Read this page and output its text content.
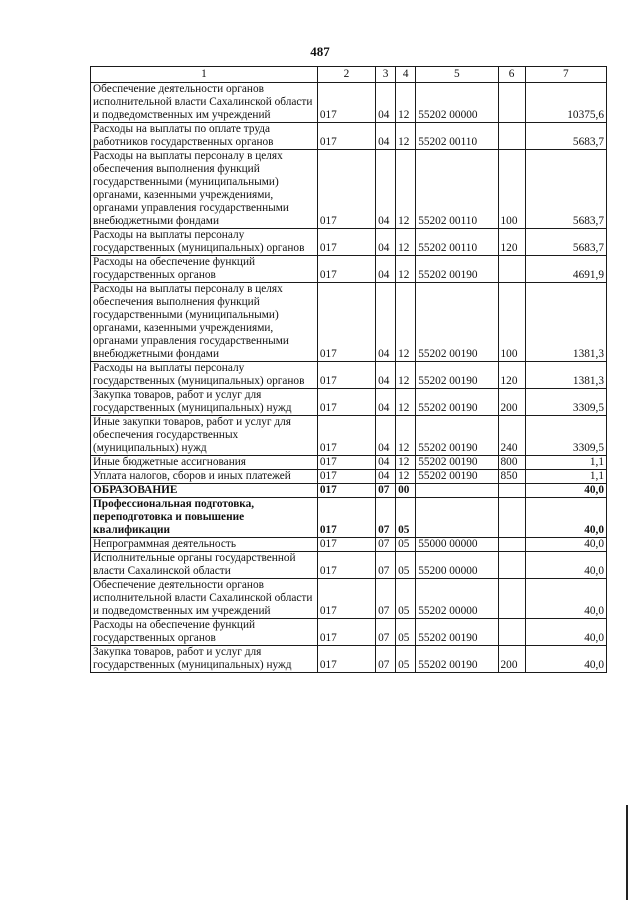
487
1	2	3	4	5	6	7
Обеспечение деятельности органов исполнительной власти Сахалинской области и подведомственных им учреждений	017	04	12	55202 00000		10375,6
Расходы на выплаты по оплате труда работников государственных органов	017	04	12	55202 00110		5683,7
Расходы на выплаты персоналу в целях обеспечения выполнения функций государственными (муниципальными) органами, казенными учреждениями, органами управления государственными внебюджетными фондами	017	04	12	55202 00110	100	5683,7
Расходы на выплаты персоналу государственных (муниципальных) органов	017	04	12	55202 00110	120	5683,7
Расходы на обеспечение функций государственных органов	017	04	12	55202 00190		4691,9
Расходы на выплаты персоналу в целях обеспечения выполнения функций государственными (муниципальными) органами, казенными учреждениями, органами управления государственными внебюджетными фондами	017	04	12	55202 00190	100	1381,3
Расходы на выплаты персоналу государственных (муниципальных) органов	017	04	12	55202 00190	120	1381,3
Закупка товаров, работ и услуг для государственных (муниципальных) нужд	017	04	12	55202 00190	200	3309,5
Иные закупки товаров, работ и услуг для обеспечения государственных (муниципальных) нужд	017	04	12	55202 00190	240	3309,5
Иные бюджетные ассигнования	017	04	12	55202 00190	800	1,1
Уплата налогов, сборов и иных платежей	017	04	12	55202 00190	850	1,1
ОБРАЗОВАНИЕ	017	07	00			40,0
Профессиональная подготовка, переподготовка и повышение квалификации	017	07	05			40,0
Непрограммная деятельность	017	07	05	55000 00000		40,0
Исполнительные органы государственной власти Сахалинской области	017	07	05	55200 00000		40,0
Обеспечение деятельности органов исполнительной власти Сахалинской области и подведомственных им учреждений	017	07	05	55202 00000		40,0
Расходы на обеспечение функций государственных органов	017	07	05	55202 00190		40,0
Закупка товаров, работ и услуг для государственных (муниципальных) нужд	017	07	05	55202 00190	200	40,0
